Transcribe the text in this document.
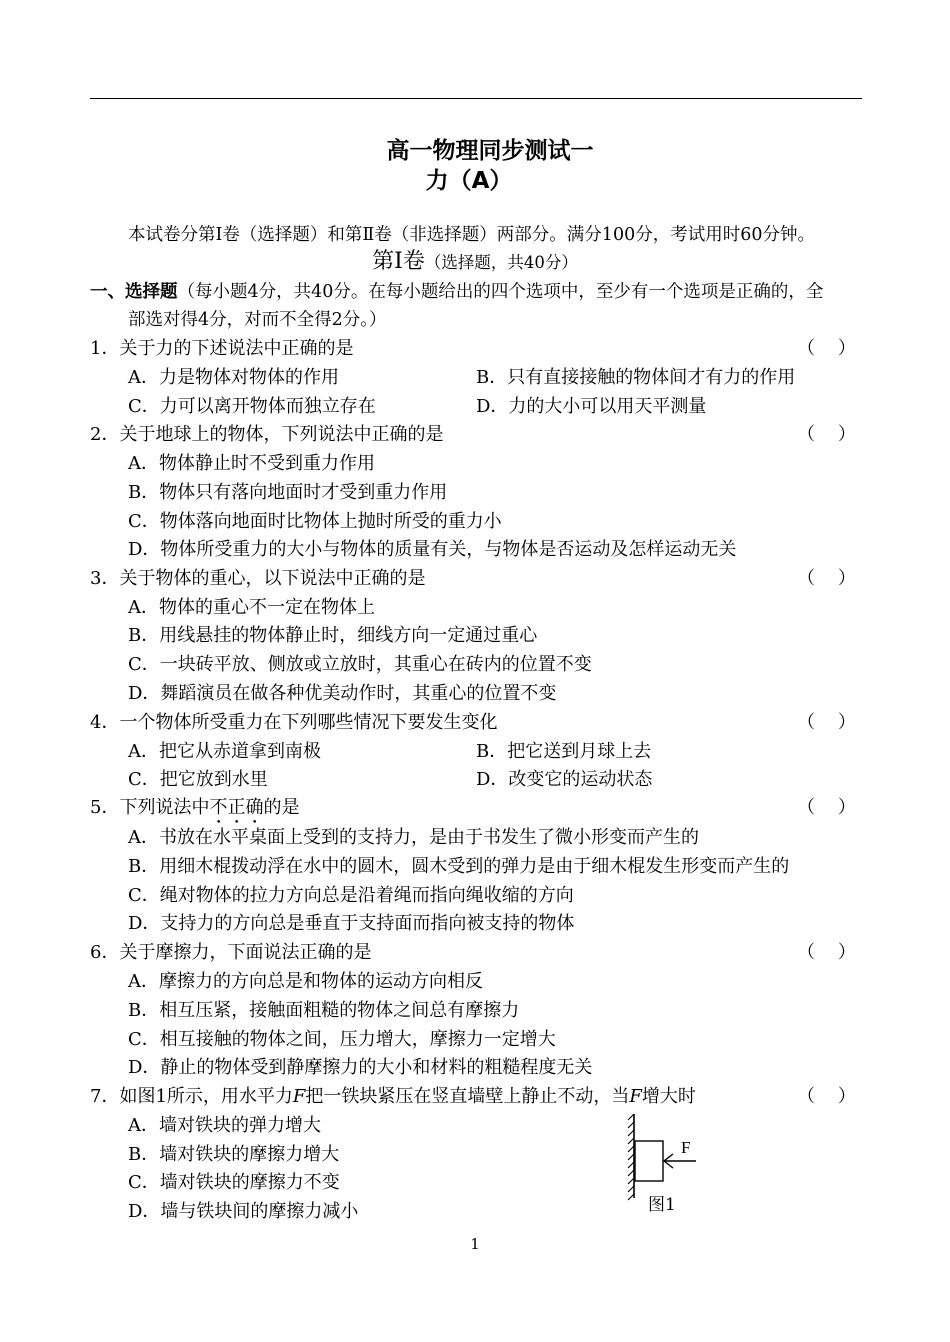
高一物理同步测试一
力（A）
本试卷分第Ⅰ卷（选择题）和第Ⅱ卷（非选择题）两部分。满分100分，考试用时60分钟。
第Ⅰ卷（选择题，共40分）
一、选择题（每小题4分，共40分。在每小题给出的四个选项中，至少有一个选项是正确的，全
部选对得4分，对而不全得2分。）
1．关于力的下述说法中正确的是	（    ）
A．力是物体对物体的作用	B．只有直接接触的物体间才有力的作用
C．力可以离开物体而独立存在	D．力的大小可以用天平测量
2．关于地球上的物体，下列说法中正确的是	（    ）
A．物体静止时不受到重力作用
B．物体只有落向地面时才受到重力作用
C．物体落向地面时比物体上抛时所受的重力小
D．物体所受重力的大小与物体的质量有关，与物体是否运动及怎样运动无关
3．关于物体的重心，以下说法中正确的是	（    ）
A．物体的重心不一定在物体上
B．用线悬挂的物体静止时，细线方向一定通过重心
C．一块砖平放、侧放或立放时，其重心在砖内的位置不变
D．舞蹈演员在做各种优美动作时，其重心的位置不变
4．一个物体所受重力在下列哪些情况下要发生变化	（    ）
A．把它从赤道拿到南极	B．把它送到月球上去
C．把它放到水里	D．改变它的运动状态
5．下列说法中不正确的是	（    ）
A．书放在水平桌面上受到的支持力，是由于书发生了微小形变而产生的
B．用细木棍拨动浮在水中的圆木，圆木受到的弹力是由于细木棍发生形变而产生的
C．绳对物体的拉力方向总是沿着绳而指向绳收缩的方向
D．支持力的方向总是垂直于支持面而指向被支持的物体
6．关于摩擦力，下面说法正确的是	（    ）
A．摩擦力的方向总是和物体的运动方向相反
B．相互压紧，接触面粗糙的物体之间总有摩擦力
C．相互接触的物体之间，压力增大，摩擦力一定增大
D．静止的物体受到静摩擦力的大小和材料的粗糙程度无关
7．如图1所示，用水平力F把一铁块紧压在竖直墙壁上静止不动，当F增大时	（    ）
A．墙对铁块的弹力增大
B．墙对铁块的摩擦力增大
C．墙对铁块的摩擦力不变
D．墙与铁块间的摩擦力减小
F
图1
1
